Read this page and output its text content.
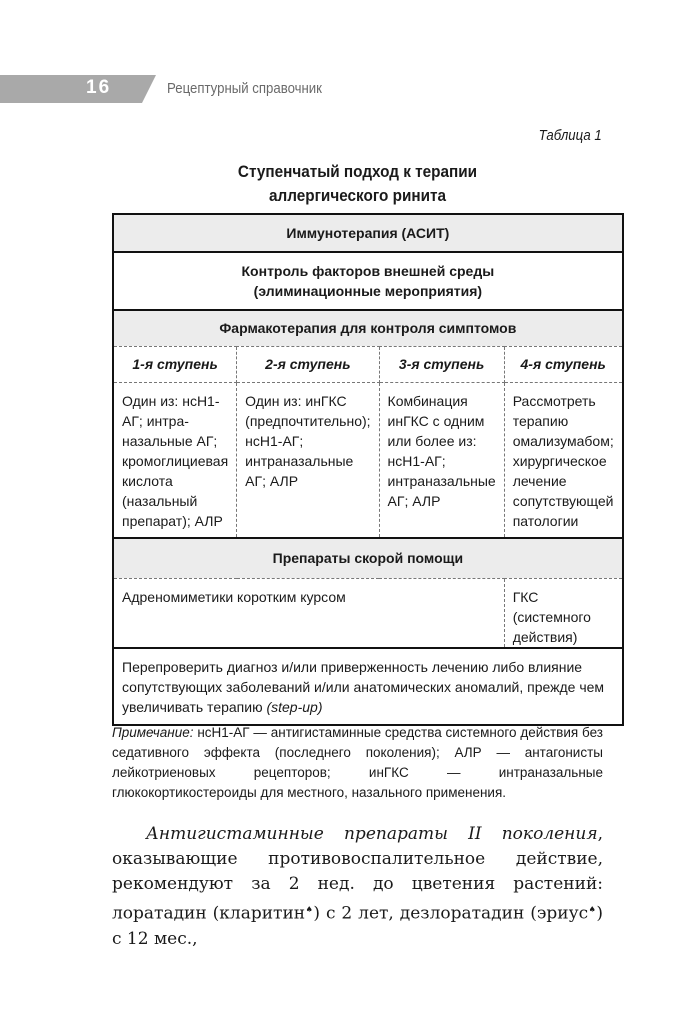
16	Рецептурный справочник
Таблица 1
Ступенчатый подход к терапии
аллергического ринита
Иммунотерапия (АСИТ)			

Контроль факторов внешней среды
(элиминационные мероприятия)			

Фармакотерапия для контроля симптомов			
1-я ступень	2-я ступень	3-я ступень	4-я ступень
Один из: нсН1-АГ; интра-назальные АГ; кромоглициевая кислота (назальный препарат); АЛР	Один из: инГКС (предпочтительно); нсН1-АГ; интраназальные АГ; АЛР	Комбинация инГКС с одним или более из: нсН1-АГ; интраназальные АГ; АЛР	Рассмотреть терапию омализумабом; хирургическое лечение сопутствующей патологии
Препараты скорой помощи			
Адреномиметики коротким курсом			ГКС (системного действия)
Перепроверить диагноз и/или приверженность лечению либо влияние сопутствующих заболеваний и/или анатомических аномалий, прежде чем увеличивать терапию (step-up)			
Примечание: нсН1-АГ — антигистаминные средства системного действия без седативного эффекта (последнего поколения); АЛР — антагонисты лейкотриеновых рецепторов; инГКС — интраназальные глюкокортикостероиды для местного, назального применения.

Антигистаминные препараты II поколения, оказывающие противовоспалительное действие, рекомендуют за 2 нед. до цветения растений: лоратадин (кларитин♠) с 2 лет, дезлоратадин (эриус♠) с 12 мес.,
